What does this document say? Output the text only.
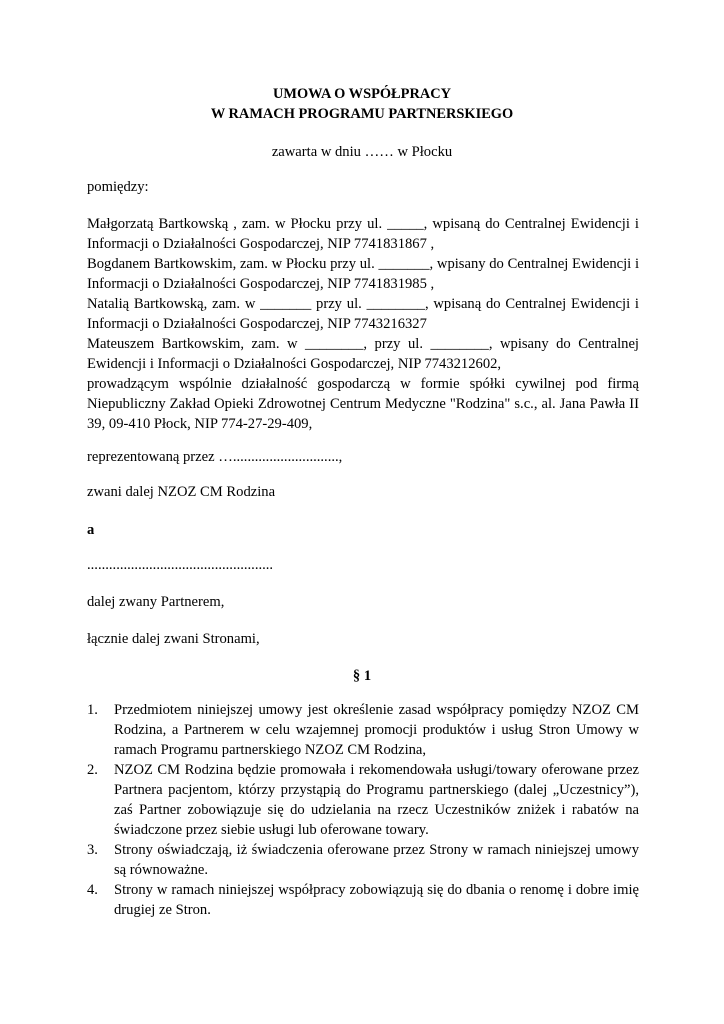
UMOWA O WSPÓŁPRACY
W RAMACH PROGRAMU PARTNERSKIEGO
zawarta w dniu …… w Płocku
pomiędzy:
Małgorzatą Bartkowską , zam. w Płocku przy ul. _____, wpisaną do Centralnej Ewidencji i
Informacji o Działalności Gospodarczej, NIP 7741831867 ,
Bogdanem Bartkowskim, zam. w Płocku przy ul. _______, wpisany do Centralnej Ewidencji i
Informacji o Działalności Gospodarczej, NIP 7741831985 ,
Natalią Bartkowską, zam. w _______ przy ul. ________, wpisaną do Centralnej Ewidencji i
Informacji o Działalności Gospodarczej, NIP 7743216327
Mateuszem Bartkowskim, zam. w ________, przy ul. ________, wpisany do Centralnej
Ewidencji i Informacji o Działalności Gospodarczej, NIP 7743212602,
prowadzącym wspólnie działalność gospodarczą w formie spółki cywilnej pod firmą
Niepubliczny Zakład Opieki Zdrowotnej Centrum Medyczne "Rodzina" s.c., al. Jana Pawła II
39, 09-410 Płock, NIP 774-27-29-409,
reprezentowaną przez ….............................,
zwani dalej NZOZ CM Rodzina
a
...................................................
dalej zwany Partnerem,
łącznie dalej zwani Stronami,
§ 1
1. Przedmiotem niniejszej umowy jest określenie zasad współpracy pomiędzy NZOZ CM Rodzina, a Partnerem w celu wzajemnej promocji produktów i usług Stron Umowy w ramach Programu partnerskiego NZOZ CM Rodzina,
2. NZOZ CM Rodzina będzie promowała i rekomendowała usługi/towary oferowane przez Partnera pacjentom, którzy przystąpią do Programu partnerskiego (dalej „Uczestnicy”), zaś Partner zobowiązuje się do udzielania na rzecz Uczestników zniżek i rabatów na świadczone przez siebie usługi lub oferowane towary.
3. Strony oświadczają, iż świadczenia oferowane przez Strony w ramach niniejszej umowy są równoważne.
4. Strony w ramach niniejszej współpracy zobowiązują się do dbania o renomę i dobre imię drugiej ze Stron.
